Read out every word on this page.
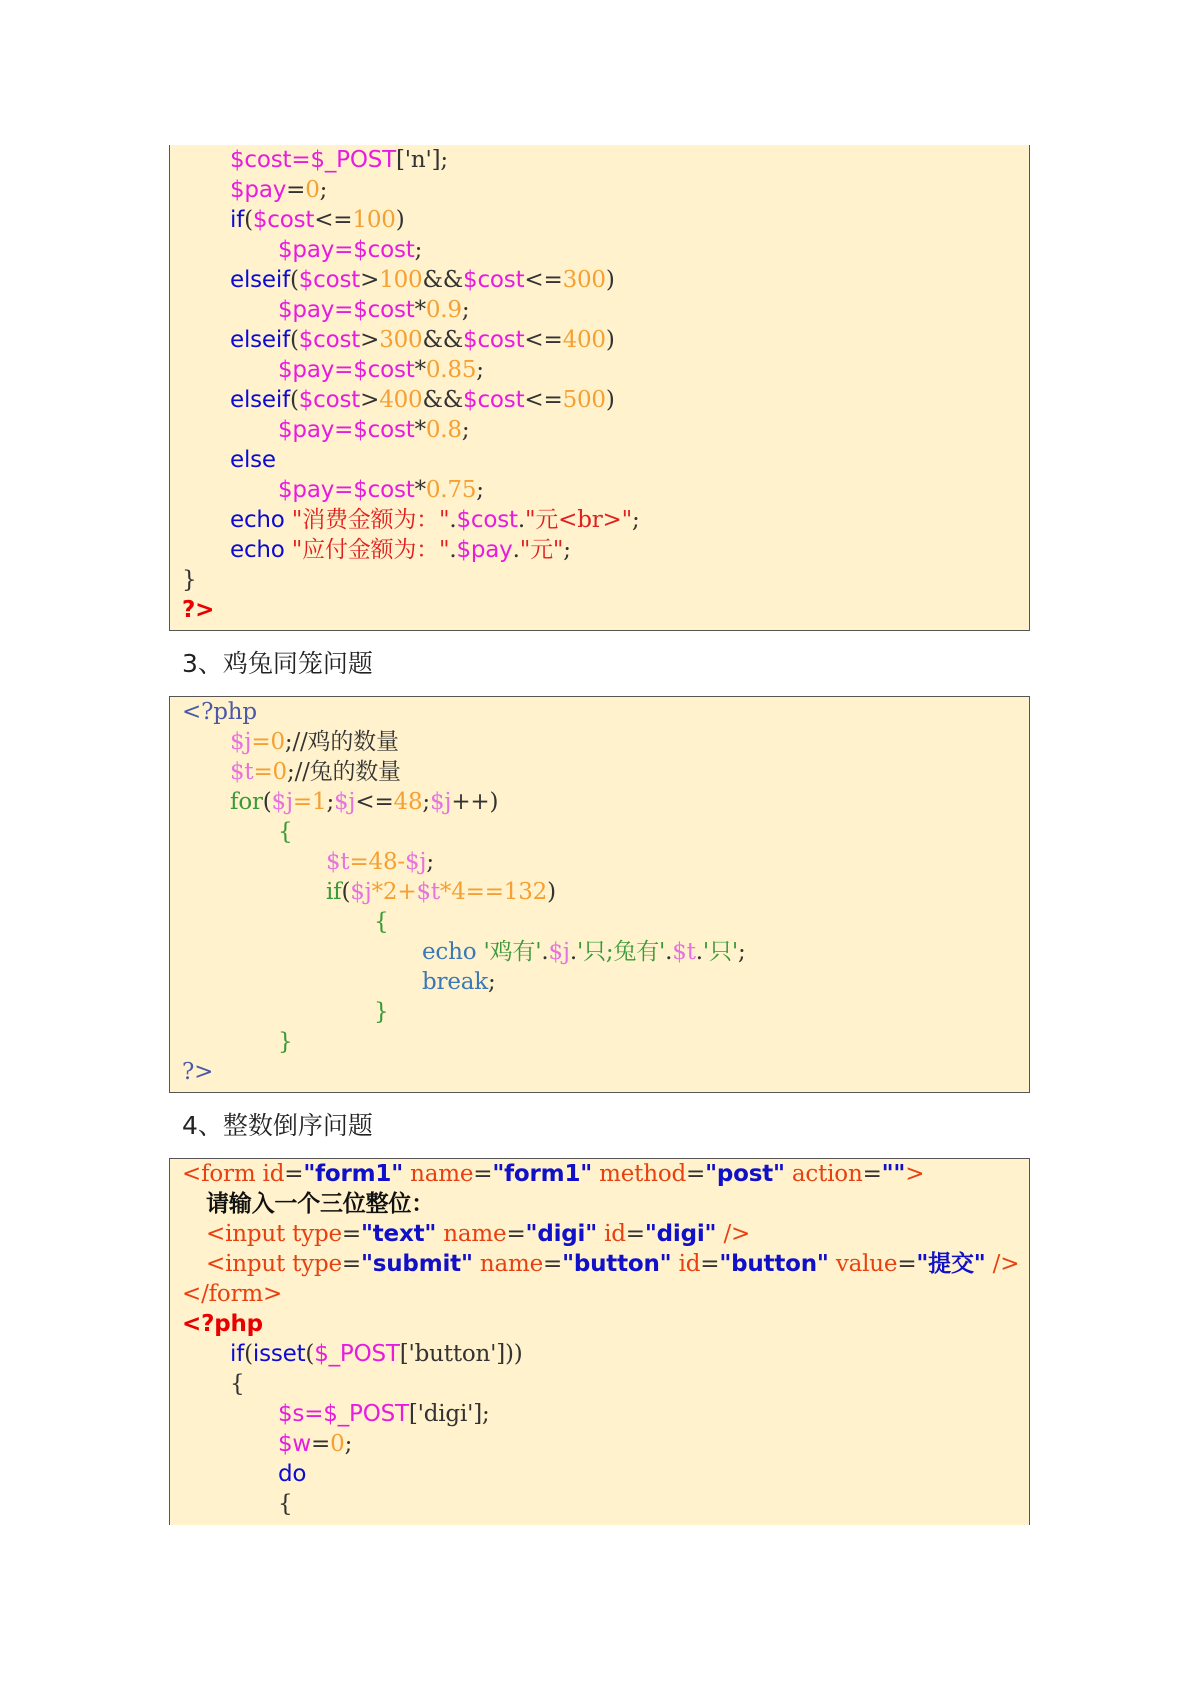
$cost=$_POST['n'];
$pay=0;
if($cost<=100)
$pay=$cost;
elseif($cost>100&&$cost<=300)
$pay=$cost*0.9;
elseif($cost>300&&$cost<=400)
$pay=$cost*0.85;
elseif($cost>400&&$cost<=500)
$pay=$cost*0.8;
else
$pay=$cost*0.75;
echo "消费金额为：".$cost."元<br>";
echo "应付金额为：".$pay."元";
}
?>
3、鸡兔同笼问题
<?php
$j=0;//鸡的数量
$t=0;//兔的数量
for($j=1;$j<=48;$j++)
{
$t=48-$j;
if($j*2+$t*4==132)
{
echo '鸡有'.$j.'只;兔有'.$t.'只';
break;
}
}
?>
4、整数倒序问题
<form id="form1" name="form1" method="post" action="">
请输入一个三位整位：
<input type="text" name="digi" id="digi" />
<input type="submit" name="button" id="button" value="提交" />
</form>
<?php
if(isset($_POST['button']))
{
$s=$_POST['digi'];
$w=0;
do
{
